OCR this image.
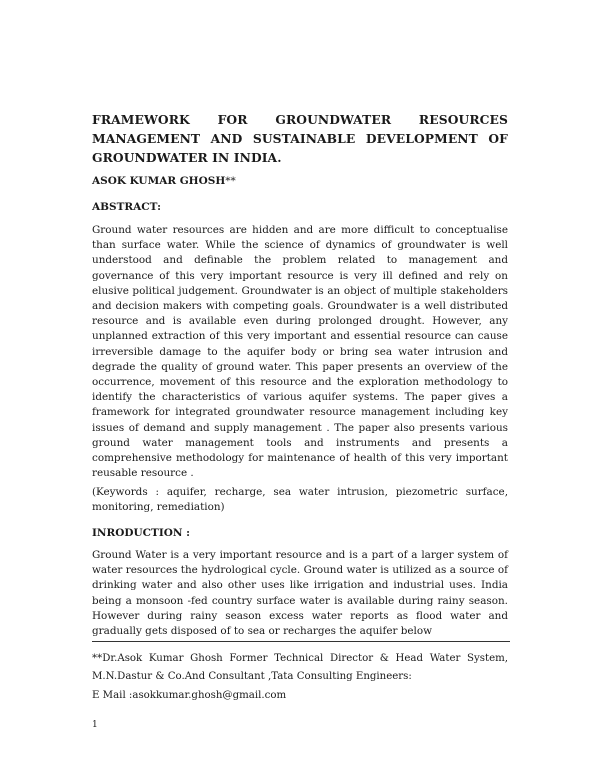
FRAMEWORK FOR GROUNDWATER RESOURCES
MANAGEMENT AND SUSTAINABLE DEVELOPMENT OF
GROUNDWATER IN INDIA.
ASOK KUMAR GHOSH**
ABSTRACT:
Ground water resources are hidden and are more difficult to conceptualise than surface water. While the science of dynamics of groundwater is well understood and definable the problem related to management and governance of this very important resource is very ill defined and rely on elusive political judgement. Groundwater is an object of multiple stakeholders and decision makers with competing goals. Groundwater is a well distributed resource and is available even during prolonged drought. However, any unplanned extraction of this very important and essential resource can cause irreversible damage to the aquifer body or bring sea water intrusion and degrade the quality of ground water. This paper presents an overview of the occurrence, movement of this resource and the exploration methodology to identify the characteristics of various aquifer systems. The paper gives a framework for integrated groundwater resource management including key issues of demand and supply management . The paper also presents various ground water management tools and instruments and presents a comprehensive methodology for maintenance of health of this very important reusable resource .
(Keywords : aquifer, recharge, sea water intrusion, piezometric surface, monitoring, remediation)
INRODUCTION :
Ground Water is a very important resource and is a part of a larger system of water resources the hydrological cycle. Ground water is utilized as a source of drinking water and also other uses like irrigation and industrial uses. India being a monsoon -fed country surface water is available during rainy season. However during rainy season excess water reports as flood water and gradually gets disposed of to sea or recharges the aquifer below
**Dr.Asok Kumar Ghosh Former Technical Director & Head Water System, M.N.Dastur & Co.And Consultant ,Tata Consulting Engineers:
E Mail :asokkumar.ghosh@gmail.com
1
